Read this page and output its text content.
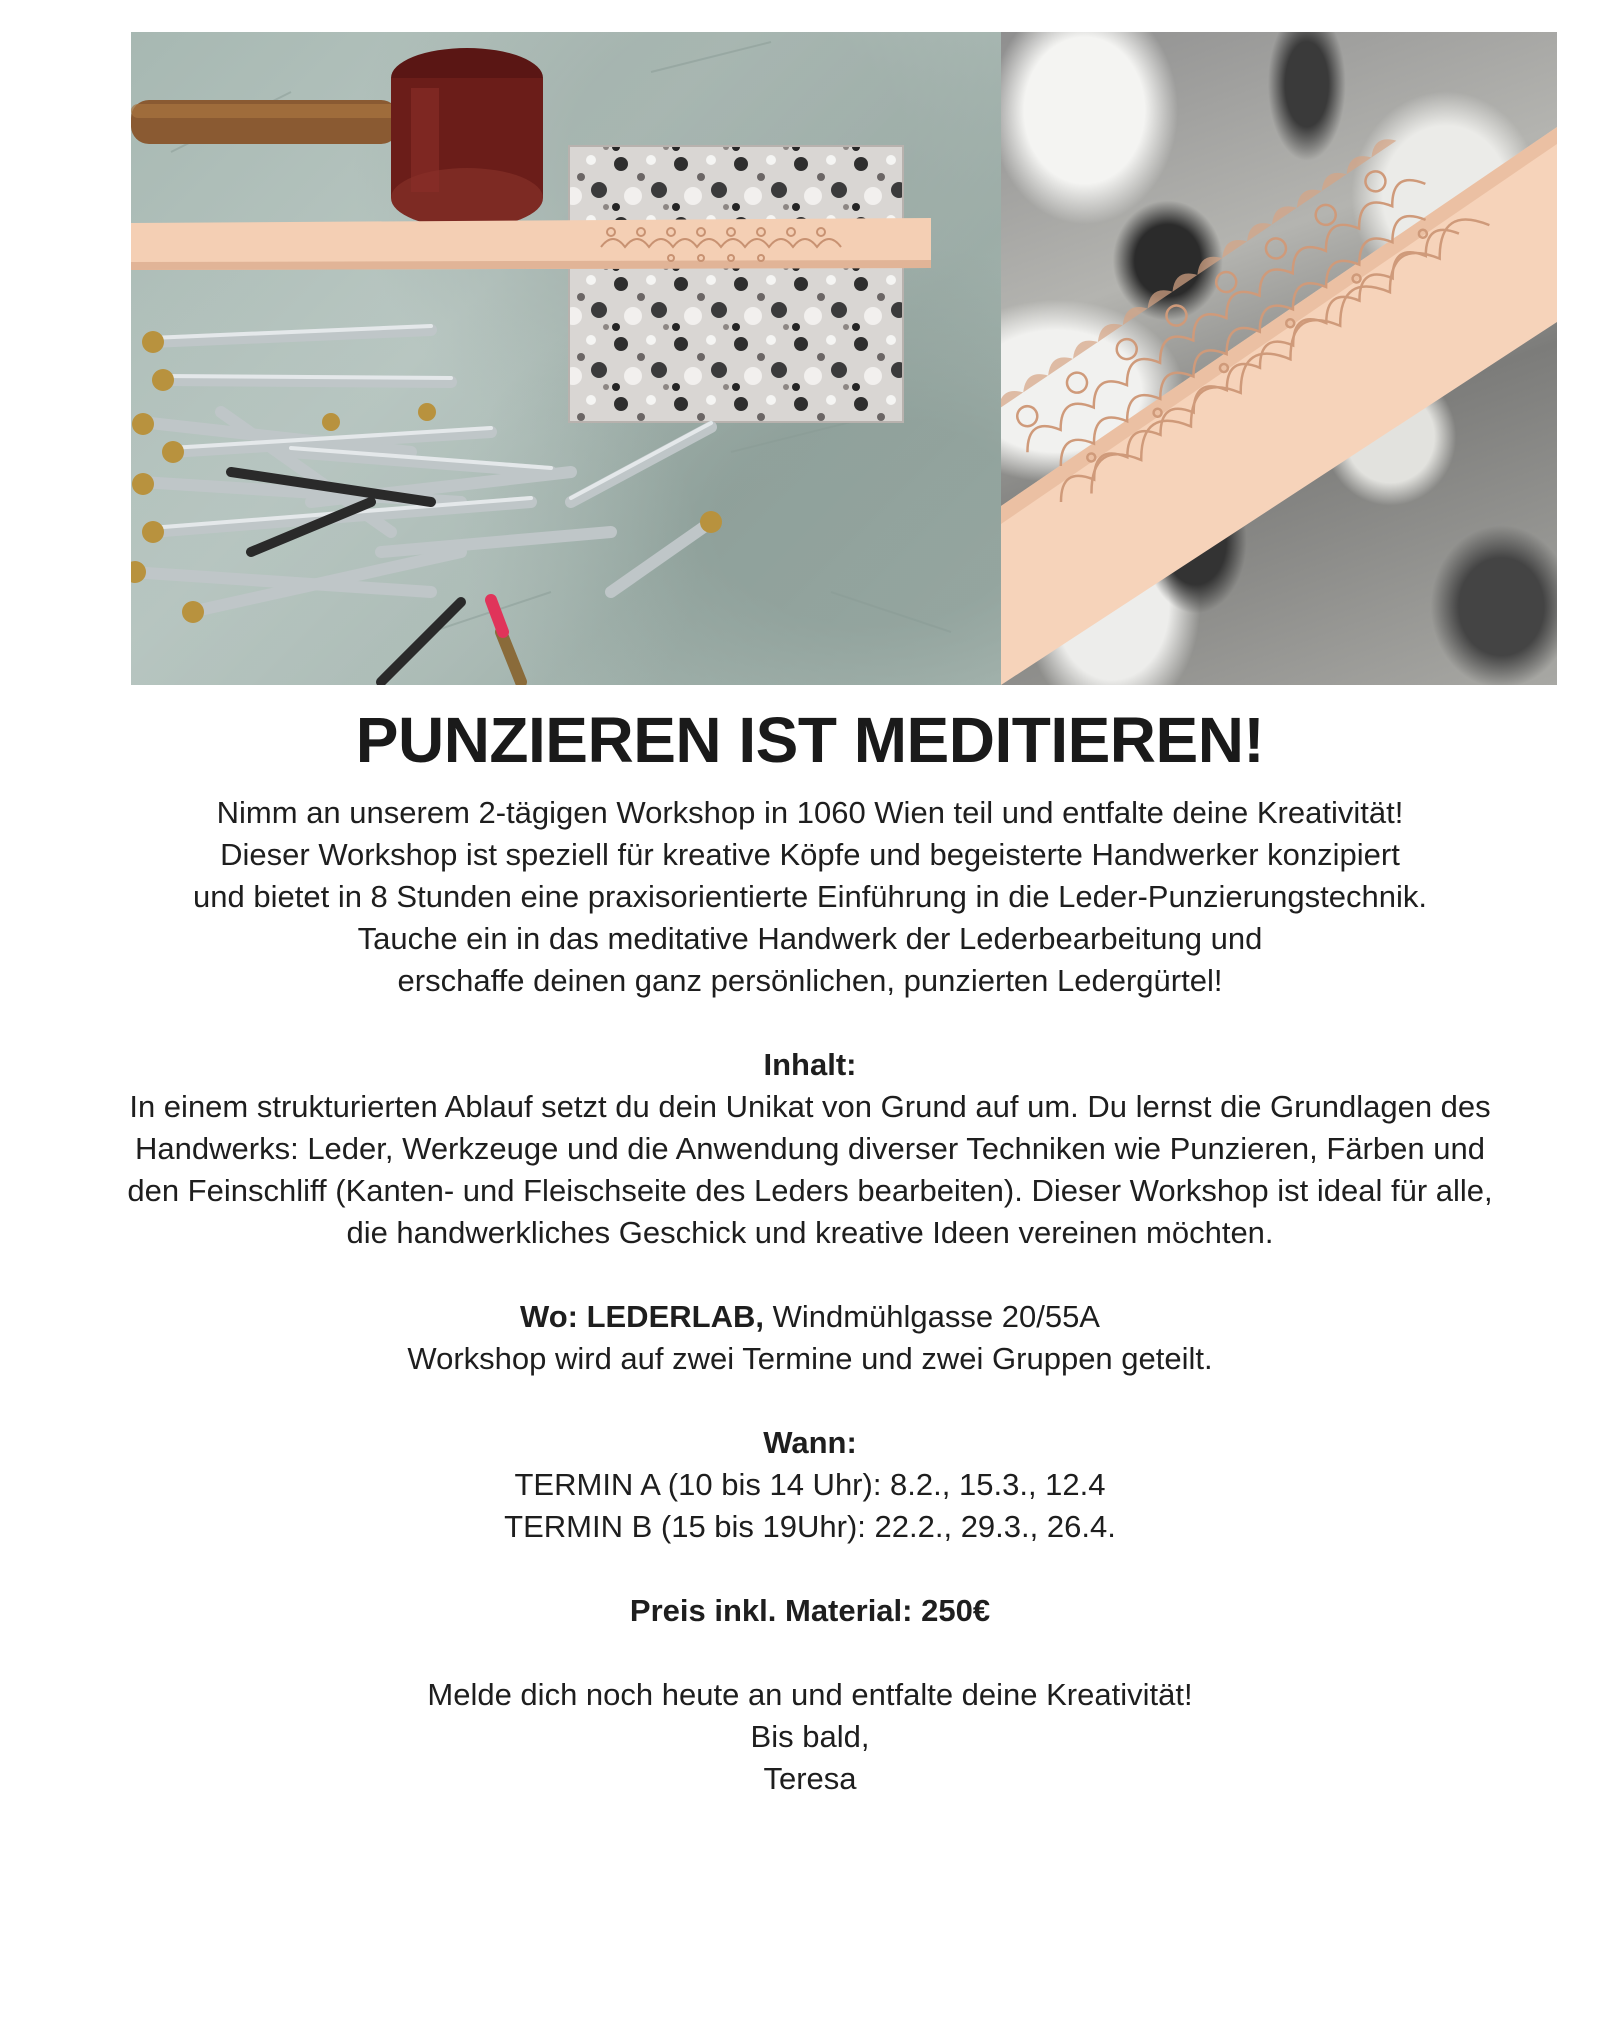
PUNZIEREN IST MEDITIEREN!
Nimm an unserem 2-tägigen Workshop in 1060 Wien teil und entfalte deine Kreativität!
Dieser Workshop ist speziell für kreative Köpfe und begeisterte Handwerker konzipiert
und bietet in 8 Stunden eine praxisorientierte Einführung in die Leder-Punzierungstechnik.
Tauche ein in das meditative Handwerk der Lederbearbeitung und
erschaffe deinen ganz persönlichen, punzierten Ledergürtel!
Inhalt:
In einem strukturierten Ablauf setzt du dein Unikat von Grund auf um. Du lernst die Grundlagen des
Handwerks: Leder, Werkzeuge und die Anwendung diverser Techniken wie Punzieren, Färben und
den Feinschliff (Kanten- und Fleischseite des Leders bearbeiten). Dieser Workshop ist ideal für alle,
die handwerkliches Geschick und kreative Ideen vereinen möchten.
Wo: LEDERLAB, Windmühlgasse 20/55A
Workshop wird auf zwei Termine und zwei Gruppen geteilt.
Wann:
TERMIN A (10 bis 14 Uhr): 8.2., 15.3., 12.4
TERMIN B (15 bis 19Uhr): 22.2., 29.3., 26.4.
Preis inkl. Material: 250€
Melde dich noch heute an und entfalte deine Kreativität!
Bis bald,
Teresa
